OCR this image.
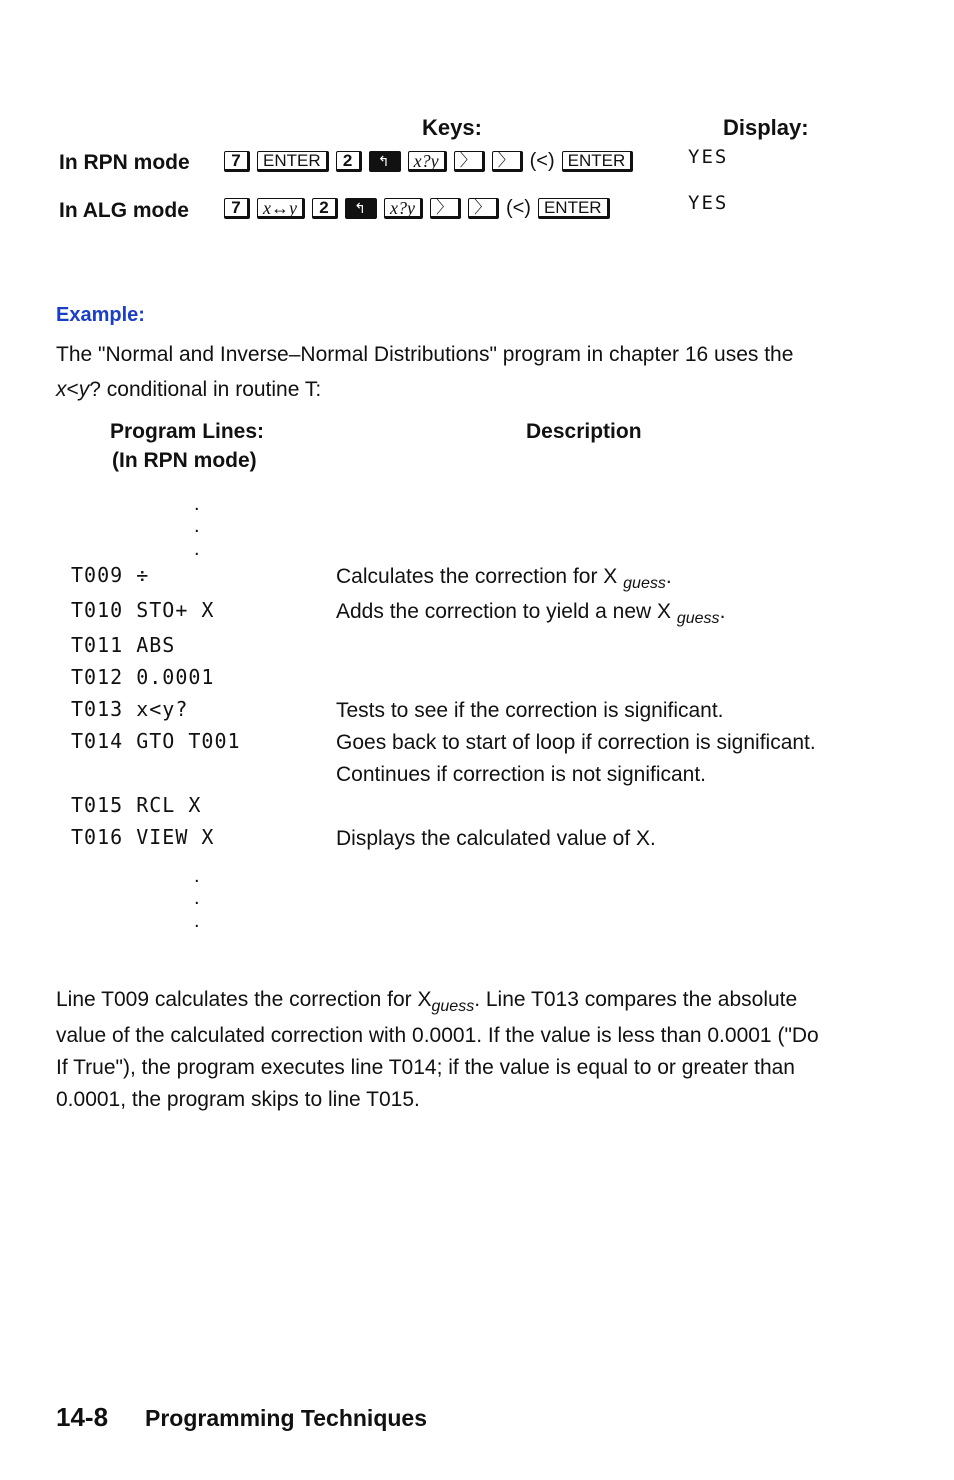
Keys:	Display:
In RPN mode	7	ENTER	2	↰	x?y	〉	〉 (<) ENTER	YES
In ALG mode	7	x↔y	2	↰	x?y	〉	〉 (<) ENTER	YES
Example:
The "Normal and Inverse–Normal Distributions" program in chapter 16 uses the
x<y? conditional in routine T:
Program Lines:
(In RPN mode)
Description
.
.
.
T009 ÷	Calculates the correction for X $_{guess}$.
T010 STO+ X	Adds the correction to yield a new X $_{guess}$.
T011 ABS
T012 0.0001
T013 x<y?	Tests to see if the correction is significant.
T014 GTO T001	Goes back to start of loop if correction is significant.
Continues if correction is not significant.
T015 RCL X
T016 VIEW X	Displays the calculated value of X.
.
.
.
Line T009 calculates the correction for $X_{guess}$. Line T013 compares the absolute
value of the calculated correction with 0.0001. If the value is less than 0.0001 ("Do
If True"), the program executes line T014; if the value is equal to or greater than
0.0001, the program skips to line T015.
14-8 Programming Techniques
